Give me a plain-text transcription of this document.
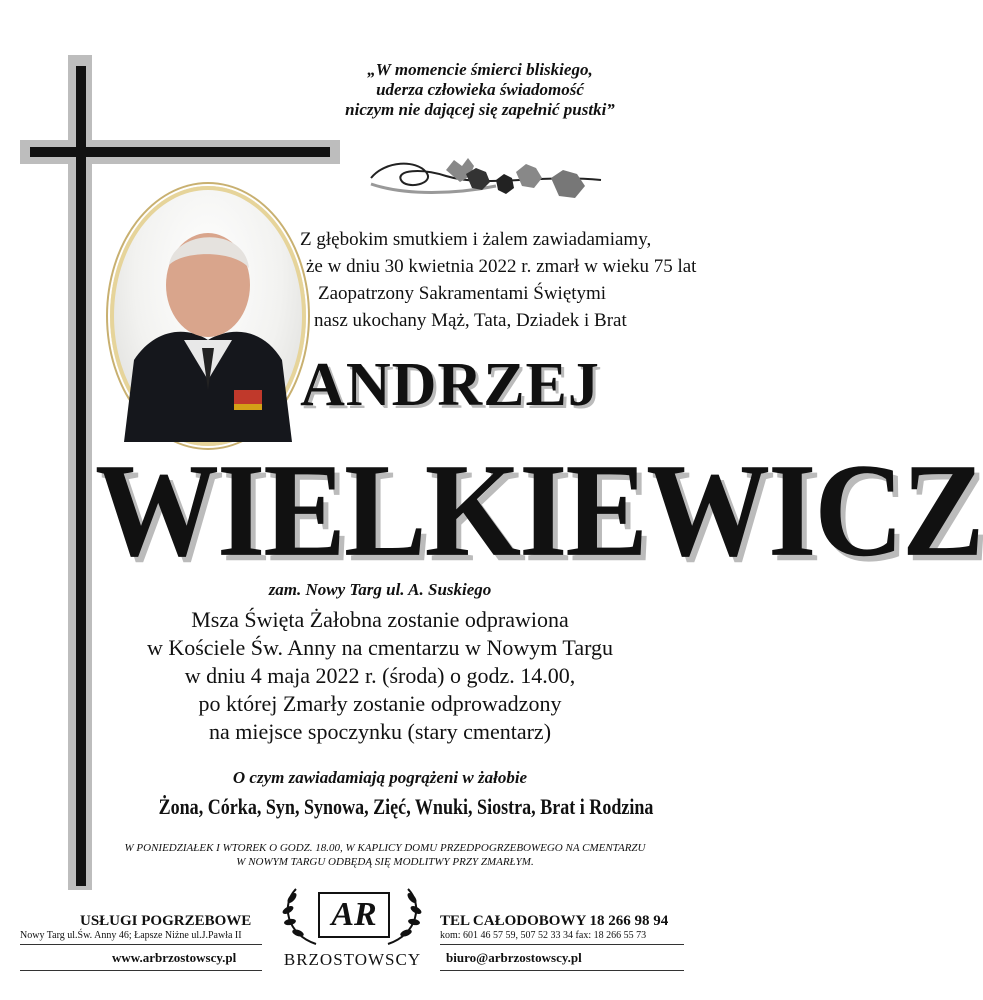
„W momencie śmierci bliskiego,
uderza człowieka świadomość
niczym nie dającej się zapełnić pustki”
Z głębokim smutkiem i żalem zawiadamiamy,
że w dniu 30 kwietnia 2022 r. zmarł w wieku 75 lat
Zaopatrzony Sakramentami Świętymi
nasz ukochany Mąż, Tata, Dziadek i Brat
ANDRZEJ
WIELKIEWICZ
zam. Nowy Targ ul. A. Suskiego
Msza Święta Żałobna zostanie odprawiona
w Kościele Św. Anny na cmentarzu w Nowym Targu
w dniu 4 maja 2022 r. (środa) o godz. 14.00,
po której Zmarły zostanie odprowadzony
na miejsce spoczynku (stary cmentarz)
O czym zawiadamiają pogrążeni w żałobie
Żona, Córka, Syn, Synowa, Zięć, Wnuki, Siostra, Brat i Rodzina
W PONIEDZIAŁEK I WTOREK O GODZ. 18.00, W KAPLICY DOMU PRZEDPOGRZEBOWEGO NA CMENTARZU
W NOWYM TARGU ODBĘDĄ SIĘ MODLITWY PRZY ZMARŁYM.
USŁUGI POGRZEBOWE
Nowy Targ ul.Św. Anny 46; Łapsze Niżne ul.J.Pawła II
www.arbrzostowscy.pl
AR
BRZOSTOWSCY
TEL CAŁODOBOWY 18 266 98 94
kom: 601 46 57 59, 507 52 33 34 fax: 18 266 55 73
biuro@arbrzostowscy.pl
